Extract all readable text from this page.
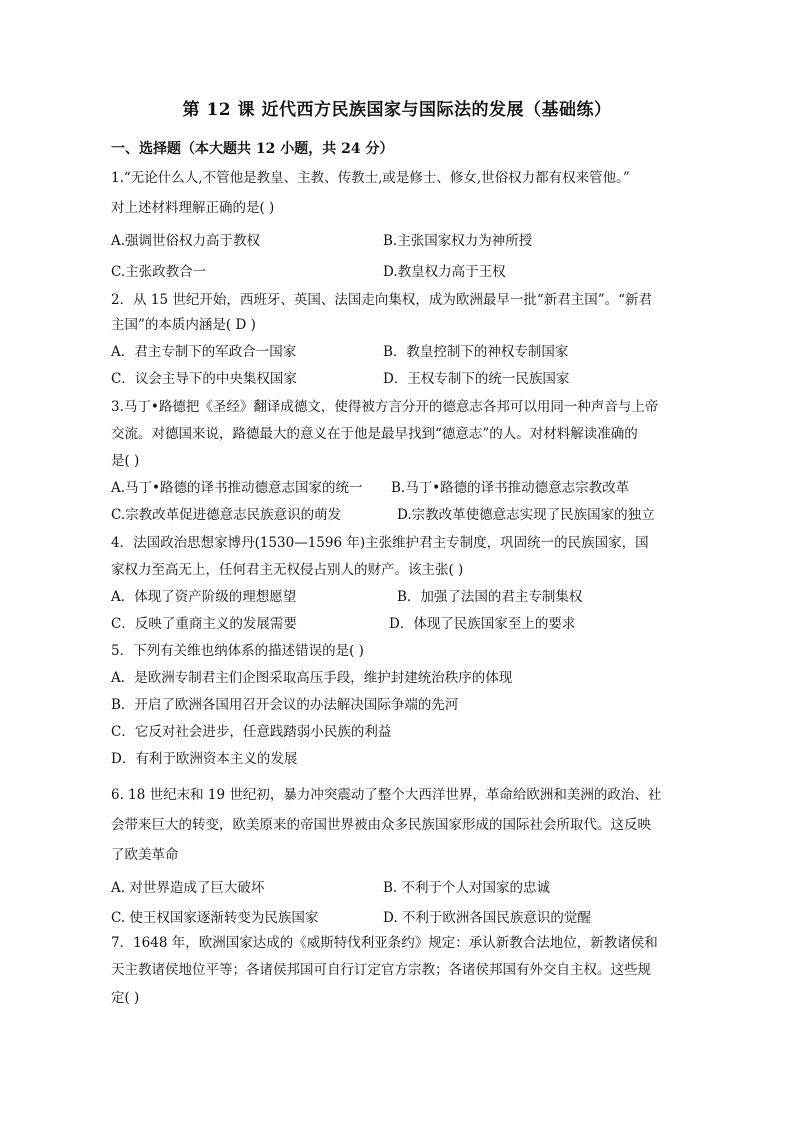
第 12 课 近代西方民族国家与国际法的发展（基础练）
一、选择题（本大题共 12 小题，共 24 分）
1.“无论什么人,不管他是教皇、主教、传教士,或是修士、修女,世俗权力都有权来管他。”
对上述材料理解正确的是( )
A.强调世俗权力高于教权	B.主张国家权力为神所授
C.主张政教合一	D.教皇权力高于王权
2．从 15 世纪开始，西班牙、英国、法国走向集权，成为欧洲最早一批“新君主国”。“新君
主国”的本质内涵是( D )
A．君主专制下的军政合一国家	B．教皇控制下的神权专制国家
C．议会主导下的中央集权国家	D．王权专制下的统一民族国家
3.马丁•路德把《圣经》翻译成德文，使得被方言分开的德意志各邦可以用同一种声音与上帝
交流。对德国来说，路德最大的意义在于他是最早找到“德意志”的人。对材料解读准确的
是( )
A.马丁•路德的译书推动德意志国家的统一 B.马丁•路德的译书推动德意志宗教改革
C.宗教改革促进德意志民族意识的萌发	D.宗教改革使德意志实现了民族国家的独立
4．法国政治思想家博丹(1530—1596 年)主张维护君主专制度，巩固统一的民族国家，国
家权力至高无上，任何君主无权侵占别人的财产。该主张( )
A．体现了资产阶级的理想愿望	B．加强了法国的君主专制集权
C．反映了重商主义的发展需要	D．体现了民族国家至上的要求
5．下列有关维也纳体系的描述错误的是( )
A．是欧洲专制君主们企图采取高压手段，维护封建统治秩序的体现
B．开启了欧洲各国用召开会议的办法解决国际争端的先河
C．它反对社会进步，任意践踏弱小民族的利益
D．有利于欧洲资本主义的发展
6. 18 世纪末和 19 世纪初，暴力冲突震动了整个大西洋世界，革命给欧洲和美洲的政治、社
会带来巨大的转变，欧美原来的帝国世界被由众多民族国家形成的国际社会所取代。这反映
了欧美革命
A. 对世界造成了巨大破坏	B. 不利于个人对国家的忠诚
C. 使王权国家逐渐转变为民族国家	D. 不利于欧洲各国民族意识的觉醒
7．1648 年，欧洲国家达成的《威斯特伐利亚条约》规定：承认新教合法地位，新教诸侯和
天主教诸侯地位平等；各诸侯邦国可自行订定官方宗教；各诸侯邦国有外交自主权。这些规
定( )
